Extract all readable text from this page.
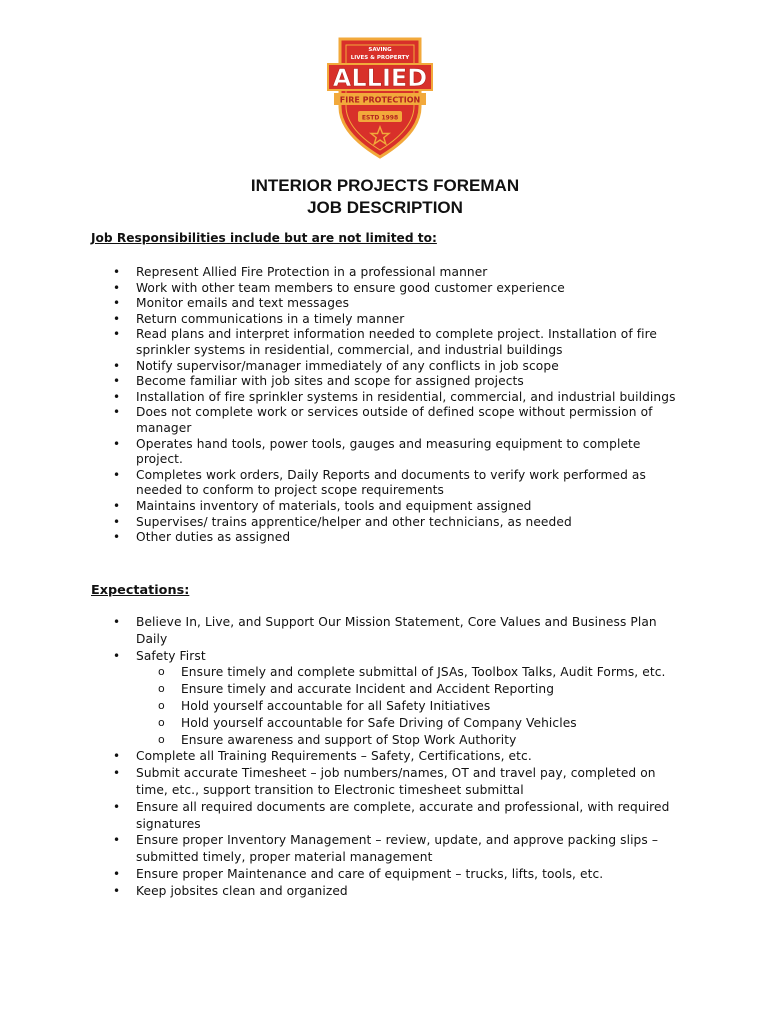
SAVING
LIVES & PROPERTY
ALLIED
FIRE PROTECTION
ESTD 1998
INTERIOR PROJECTS FOREMAN
JOB DESCRIPTION
Job Responsibilities include but are not limited to:
• Represent Allied Fire Protection in a professional manner
• Work with other team members to ensure good customer experience
• Monitor emails and text messages
• Return communications in a timely manner
• Read plans and interpret information needed to complete project. Installation of fire sprinkler systems in residential, commercial, and industrial buildings
• Notify supervisor/manager immediately of any conflicts in job scope
• Become familiar with job sites and scope for assigned projects
• Installation of fire sprinkler systems in residential, commercial, and industrial buildings
• Does not complete work or services outside of defined scope without permission of manager
• Operates hand tools, power tools, gauges and measuring equipment to complete project.
• Completes work orders, Daily Reports and documents to verify work performed as needed to conform to project scope requirements
• Maintains inventory of materials, tools and equipment assigned
• Supervises/ trains apprentice/helper and other technicians, as needed
• Other duties as assigned
Expectations:
• Believe In, Live, and Support Our Mission Statement, Core Values and Business Plan Daily
• Safety First
o Ensure timely and complete submittal of JSAs, Toolbox Talks, Audit Forms, etc.
o Ensure timely and accurate Incident and Accident Reporting
o Hold yourself accountable for all Safety Initiatives
o Hold yourself accountable for Safe Driving of Company Vehicles
o Ensure awareness and support of Stop Work Authority
• Complete all Training Requirements – Safety, Certifications, etc.
• Submit accurate Timesheet – job numbers/names, OT and travel pay, completed on time, etc., support transition to Electronic timesheet submittal
• Ensure all required documents are complete, accurate and professional, with required signatures
• Ensure proper Inventory Management – review, update, and approve packing slips – submitted timely, proper material management
• Ensure proper Maintenance and care of equipment – trucks, lifts, tools, etc.
• Keep jobsites clean and organized
